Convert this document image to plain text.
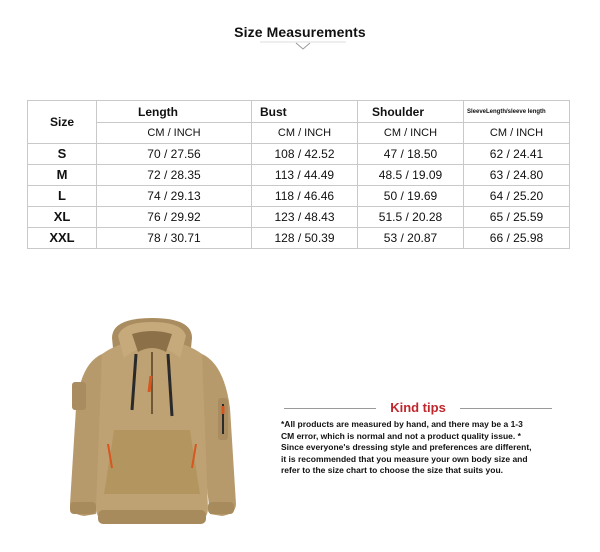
Size Measurements
Size	Length	Bust	Shoulder	SleeveLength/sleeve length
	CM / INCH	CM / INCH	CM / INCH	CM / INCH
S	70 / 27.56	108 / 42.52	47 / 18.50	62 / 24.41
M	72 / 28.35	113 / 44.49	48.5 / 19.09	63 / 24.80
L	74 / 29.13	118 / 46.46	50 / 19.69	64 / 25.20
XL	76 / 29.92	123 / 48.43	51.5 / 20.28	65 / 25.59
XXL	78 / 30.71	128 / 50.39	53 / 20.87	66 / 25.98
Kind tips
*All products are measured by hand, and there may be a 1-3
CM error, which is normal and not a product quality issue. *
Since everyone's dressing style and preferences are different,
it is recommended that you measure your own body size and
refer to the size chart to choose the size that suits you.
